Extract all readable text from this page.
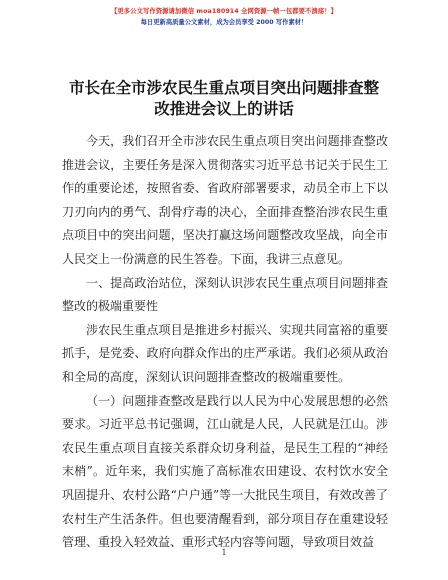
【更多公文写作资源请加微信 moa180914 全网资源一帧一包都要不溃疡！】
每日更新高质量公文素材，成为会员享受 2000 写作素材！
市长在全市涉农民生重点项目突出问题排查整
改推进会议上的讲话

今天，我们召开全市涉农民生重点项目突出问题排查整改推进会议，主要任务是深入贯彻落实习近平总书记关于民生工作的重要论述，按照省委、省政府部署要求，动员全市上下以刀刃向内的勇气、刮骨疗毒的决心，全面排查整治涉农民生重点项目中的突出问题，坚决打赢这场问题整改攻坚战，向全市人民交上一份满意的民生答卷。下面，我讲三点意见。

一、提高政治站位，深刻认识涉农民生重点项目问题排查整改的极端重要性

涉农民生重点项目是推进乡村振兴、实现共同富裕的重要抓手，是党委、政府向群众作出的庄严承诺。我们必须从政治和全局的高度，深刻认识问题排查整改的极端重要性。

（一）问题排查整改是践行以人民为中心发展思想的必然要求。习近平总书记强调，江山就是人民，人民就是江山。涉农民生重点项目直接关系群众切身利益，是民生工程的“神经末梢”。近年来，我们实施了高标准农田建设、农村饮水安全巩固提升、农村公路“户户通”等一大批民生项目，有效改善了农村生产生活条件。但也要清醒看到，部分项目存在重建设轻管理、重投入轻效益、重形式轻内容等问题，导致项目效益

1
